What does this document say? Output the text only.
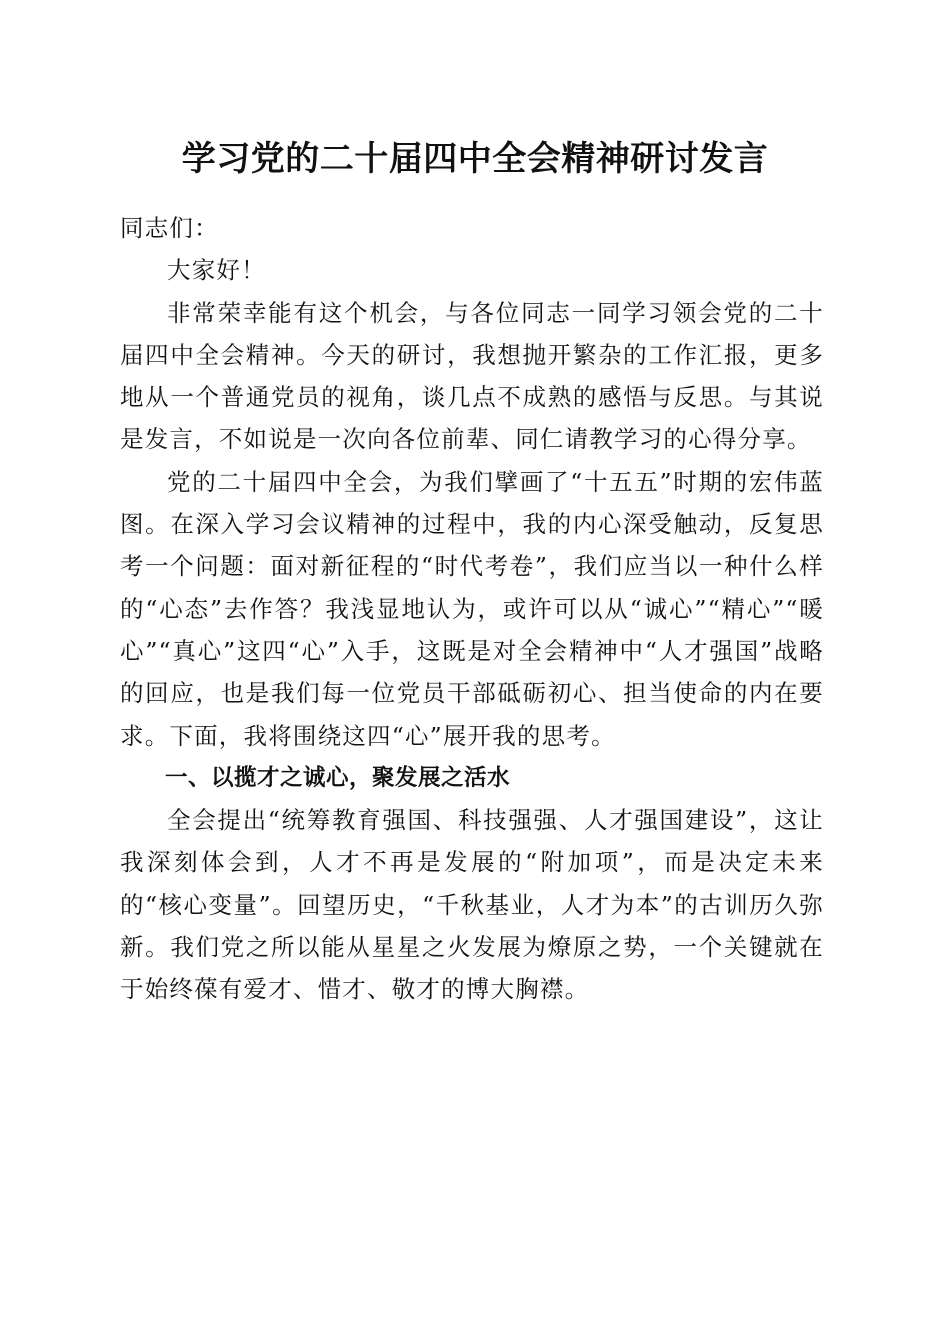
学习党的二十届四中全会精神研讨发言

同志们：

大家好！

非常荣幸能有这个机会，与各位同志一同学习领会党的二十届四中全会精神。今天的研讨，我想抛开繁杂的工作汇报，更多地从一个普通党员的视角，谈几点不成熟的感悟与反思。与其说是发言，不如说是一次向各位前辈、同仁请教学习的心得分享。

党的二十届四中全会，为我们擘画了“十五五”时期的宏伟蓝图。在深入学习会议精神的过程中，我的内心深受触动，反复思考一个问题：面对新征程的“时代考卷”，我们应当以一种什么样的“心态”去作答？我浅显地认为，或许可以从“诚心”“精心”“暖心”“真心”这四“心”入手，这既是对全会精神中“人才强国”战略的回应，也是我们每一位党员干部砥砺初心、担当使命的内在要求。下面，我将围绕这四“心”展开我的思考。

一、以揽才之诚心，聚发展之活水

全会提出“统筹教育强国、科技强强、人才强国建设”，这让我深刻体会到，人才不再是发展的“附加项”，而是决定未来的“核心变量”。回望历史，“千秋基业，人才为本”的古训历久弥新。我们党之所以能从星星之火发展为燎原之势，一个关键就在于始终葆有爱才、惜才、敬才的博大胸襟。
